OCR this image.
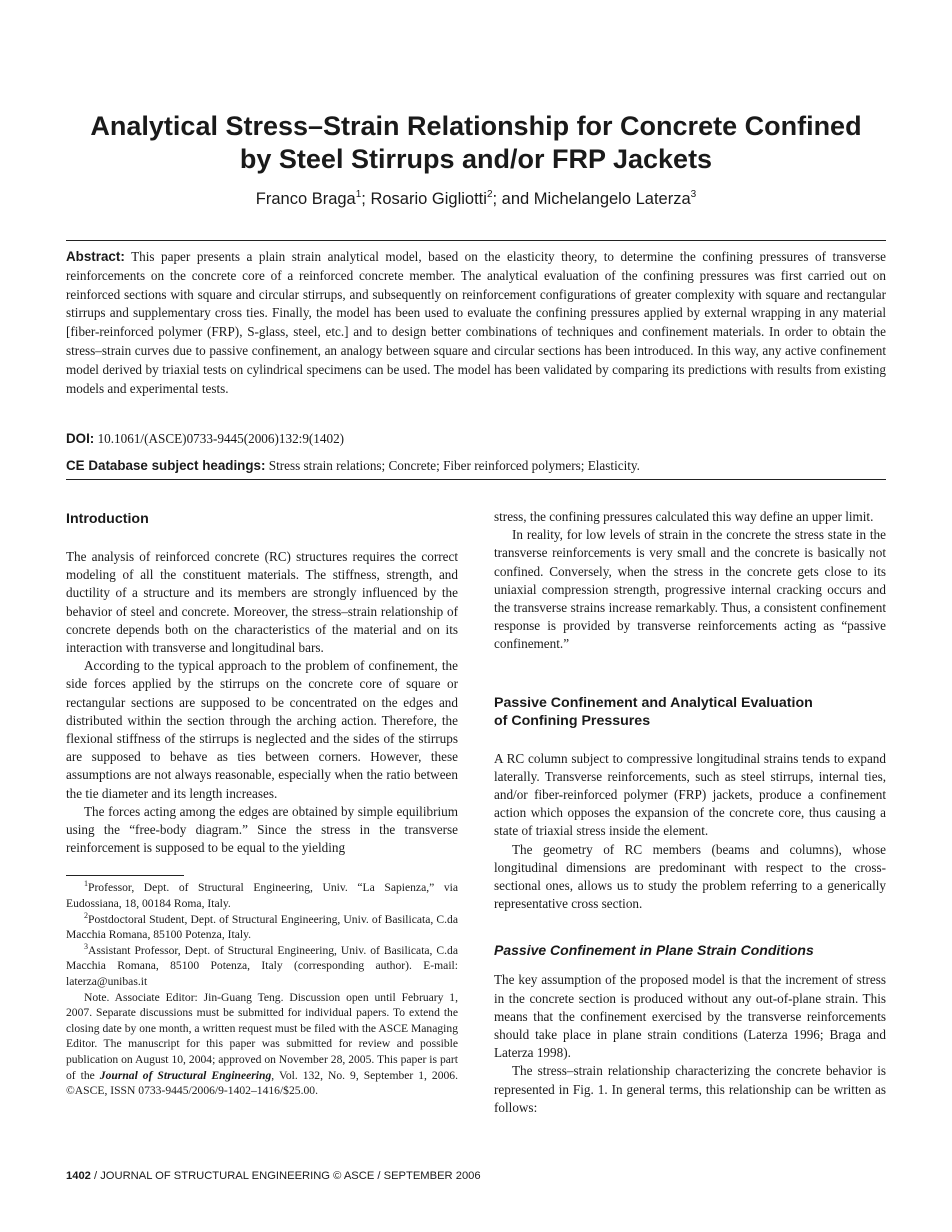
Analytical Stress–Strain Relationship for Concrete Confined
by Steel Stirrups and/or FRP Jackets
Franco Braga$^1$; Rosario Gigliotti$^2$; and Michelangelo Laterza$^3$

Abstract: This paper presents a plain strain analytical model, based on the elasticity theory, to determine the confining pressures of transverse reinforcements on the concrete core of a reinforced concrete member. The analytical evaluation of the confining pressures was first carried out on reinforced sections with square and circular stirrups, and subsequently on reinforcement configurations of greater complexity with square and rectangular stirrups and supplementary cross ties. Finally, the model has been used to evaluate the confining pressures applied by external wrapping in any material [fiber-reinforced polymer (FRP), S-glass, steel, etc.] and to design better combinations of techniques and confinement materials. In order to obtain the stress–strain curves due to passive confinement, an analogy between square and circular sections has been introduced. In this way, any active confinement model derived by triaxial tests on cylindrical specimens can be used. The model has been validated by comparing its predictions with results from existing models and experimental tests.

DOI: 10.1061/(ASCE)0733-9445(2006)132:9(1402)
CE Database subject headings: Stress strain relations; Concrete; Fiber reinforced polymers; Elasticity.
Introduction

The analysis of reinforced concrete (RC) structures requires the correct modeling of all the constituent materials. The stiffness, strength, and ductility of a structure and its members are strongly influenced by the behavior of steel and concrete. Moreover, the stress–strain relationship of concrete depends both on the characteristics of the material and on its interaction with transverse and longitudinal bars.

According to the typical approach to the problem of confinement, the side forces applied by the stirrups on the concrete core of square or rectangular sections are supposed to be concentrated on the edges and distributed within the section through the arching action. Therefore, the flexional stiffness of the stirrups is neglected and the sides of the stirrups are supposed to behave as ties between corners. However, these assumptions are not always reasonable, especially when the ratio between the tie diameter and its length increases.

The forces acting among the edges are obtained by simple equilibrium using the “free-body diagram.” Since the stress in the transverse reinforcement is supposed to be equal to the yielding

$^1$Professor, Dept. of Structural Engineering, Univ. “La Sapienza,” via Eudossiana, 18, 00184 Roma, Italy.

$^2$Postdoctoral Student, Dept. of Structural Engineering, Univ. of Basilicata, C.da Macchia Romana, 85100 Potenza, Italy.

$^3$Assistant Professor, Dept. of Structural Engineering, Univ. of Basilicata, C.da Macchia Romana, 85100 Potenza, Italy (corresponding author). E-mail: laterza@unibas.it

Note. Associate Editor: Jin-Guang Teng. Discussion open until February 1, 2007. Separate discussions must be submitted for individual papers. To extend the closing date by one month, a written request must be filed with the ASCE Managing Editor. The manuscript for this paper was submitted for review and possible publication on August 10, 2004; approved on November 28, 2005. This paper is part of the Journal of Structural Engineering, Vol. 132, No. 9, September 1, 2006. ©ASCE, ISSN 0733-9445/2006/9-1402–1416/$25.00.

stress, the confining pressures calculated this way define an upper limit.

In reality, for low levels of strain in the concrete the stress state in the transverse reinforcements is very small and the concrete is basically not confined. Conversely, when the stress in the concrete gets close to its uniaxial compression strength, progressive internal cracking occurs and the transverse strains increase remarkably. Thus, a consistent confinement response is provided by transverse reinforcements acting as “passive confinement.”

Passive Confinement and Analytical Evaluation
of Confining Pressures

A RC column subject to compressive longitudinal strains tends to expand laterally. Transverse reinforcements, such as steel stirrups, internal ties, and/or fiber-reinforced polymer (FRP) jackets, produce a confinement action which opposes the expansion of the concrete core, thus causing a state of triaxial stress inside the element.

The geometry of RC members (beams and columns), whose longitudinal dimensions are predominant with respect to the cross-sectional ones, allows us to study the problem referring to a generically representative cross section.

Passive Confinement in Plane Strain Conditions

The key assumption of the proposed model is that the increment of stress in the concrete section is produced without any out-of-plane strain. This means that the confinement exercised by the transverse reinforcements should take place in plane strain conditions (Laterza 1996; Braga and Laterza 1998).

The stress–strain relationship characterizing the concrete behavior is represented in Fig. 1. In general terms, this relationship can be written as follows:

1402 / JOURNAL OF STRUCTURAL ENGINEERING © ASCE / SEPTEMBER 2006
